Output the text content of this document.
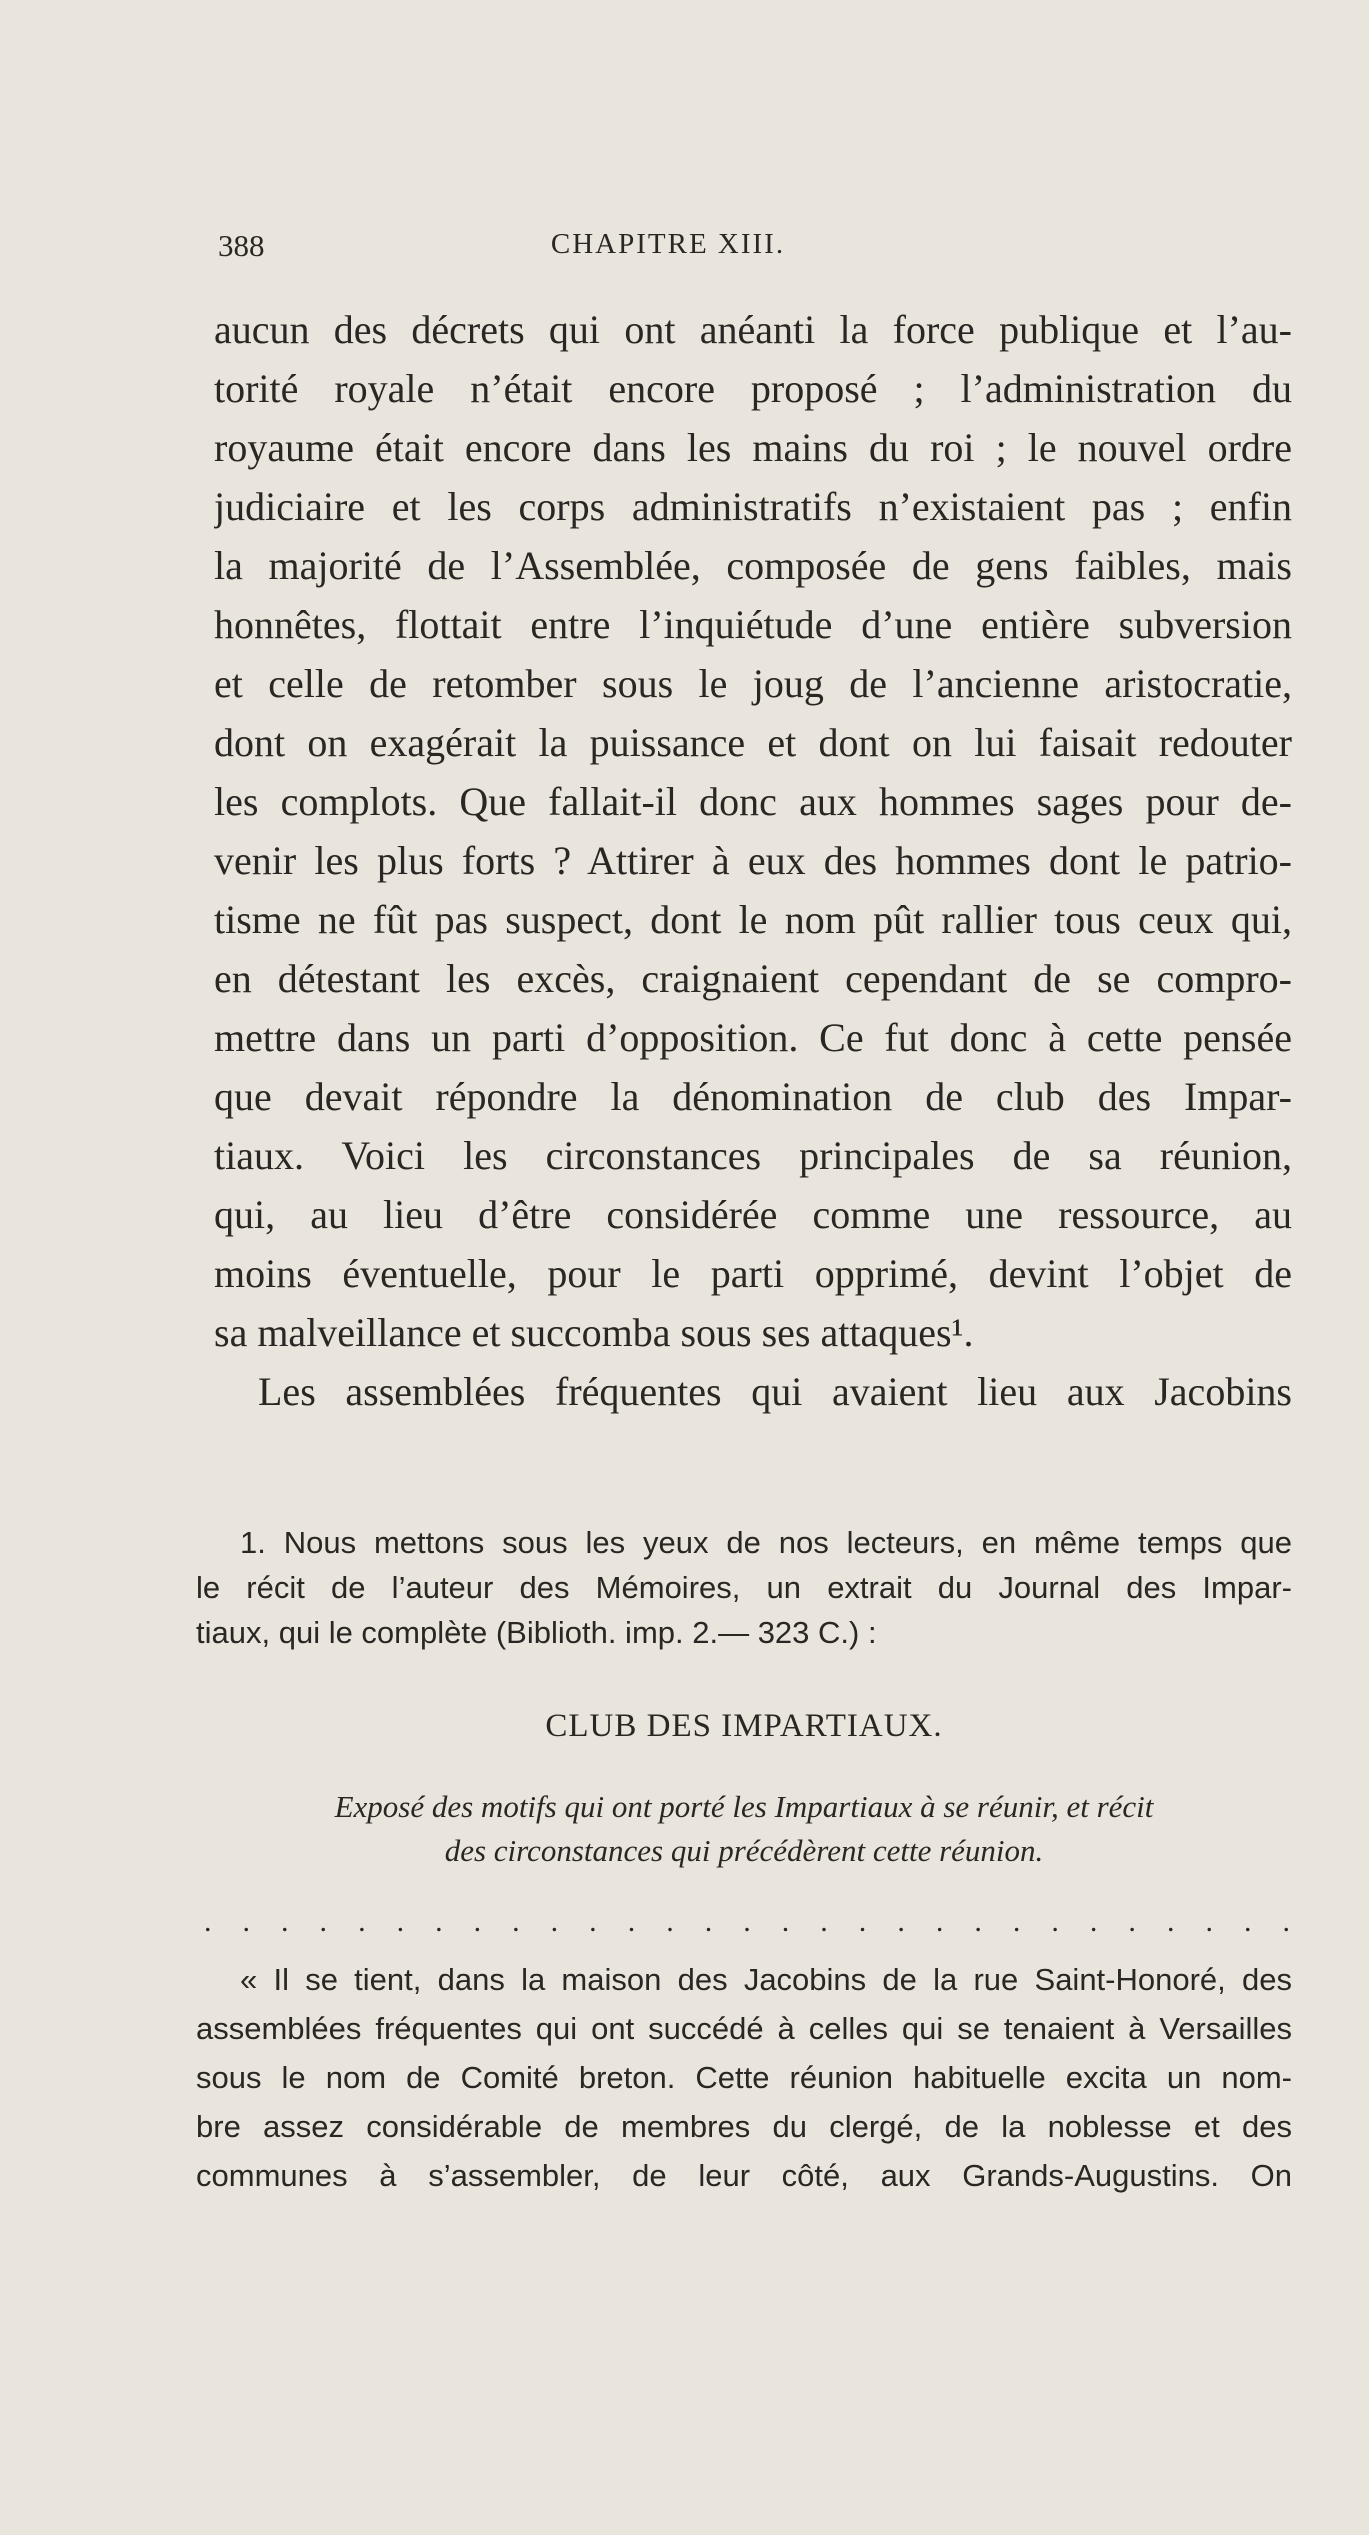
388	CHAPITRE XIII.
aucun des décrets qui ont anéanti la force publique et l’au-
torité royale n’était encore proposé ; l’administration du
royaume était encore dans les mains du roi ; le nouvel ordre
judiciaire et les corps administratifs n’existaient pas ; enfin
la majorité de l’Assemblée, composée de gens faibles, mais
honnêtes, flottait entre l’inquiétude d’une entière subversion
et celle de retomber sous le joug de l’ancienne aristocratie,
dont on exagérait la puissance et dont on lui faisait redouter
les complots. Que fallait-il donc aux hommes sages pour de-
venir les plus forts ? Attirer à eux des hommes dont le patrio-
tisme ne fût pas suspect, dont le nom pût rallier tous ceux qui,
en détestant les excès, craignaient cependant de se compro-
mettre dans un parti d’opposition. Ce fut donc à cette pensée
que devait répondre la dénomination de club des Impar-
tiaux. Voici les circonstances principales de sa réunion,
qui, au lieu d’être considérée comme une ressource, au
moins éventuelle, pour le parti opprimé, devint l’objet de
sa malveillance et succomba sous ses attaques¹.
Les assemblées fréquentes qui avaient lieu aux Jacobins
1. Nous mettons sous les yeux de nos lecteurs, en même temps que
le récit de l’auteur des Mémoires, un extrait du Journal des Impar-
tiaux, qui le complète (Biblioth. imp. 2.— 323 C.) :
CLUB DES IMPARTIAUX.
Exposé des motifs qui ont porté les Impartiaux à se réunir, et récit
des circonstances qui précédèrent cette réunion.
. . . . . . . . . . . . . . . . . . . . . . . . . . . . .
« Il se tient, dans la maison des Jacobins de la rue Saint-Honoré, des
assemblées fréquentes qui ont succédé à celles qui se tenaient à Versailles
sous le nom de Comité breton. Cette réunion habituelle excita un nom-
bre assez considérable de membres du clergé, de la noblesse et des
communes à s’assembler, de leur côté, aux Grands-Augustins. On
